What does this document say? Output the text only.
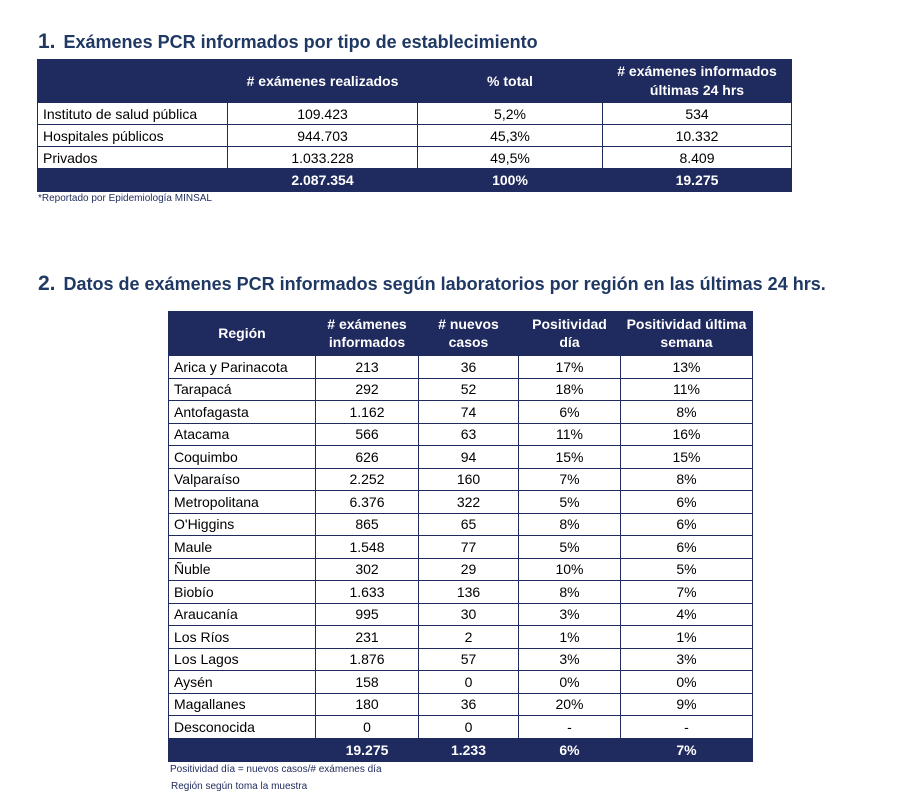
1. Exámenes PCR informados por tipo de establecimiento
	# exámenes realizados	% total	# exámenes informados últimas 24 hrs
Instituto de salud pública	109.423	5,2%	534
Hospitales públicos	944.703	45,3%	10.332
Privados	1.033.228	49,5%	8.409
	2.087.354	100%	19.275

*Reportado por Epidemiología MINSAL

2. Datos de exámenes PCR informados según laboratorios por región en las últimas 24 hrs.
Región	# exámenes informados	# nuevos casos	Positividad día	Positividad última semana
Arica y Parinacota	213	36	17%	13%
Tarapacá	292	52	18%	11%
Antofagasta	1.162	74	6%	8%
Atacama	566	63	11%	16%
Coquimbo	626	94	15%	15%
Valparaíso	2.252	160	7%	8%
Metropolitana	6.376	322	5%	6%
O'Higgins	865	65	8%	6%
Maule	1.548	77	5%	6%
Ñuble	302	29	10%	5%
Biobío	1.633	136	8%	7%
Araucanía	995	30	3%	4%
Los Ríos	231	2	1%	1%
Los Lagos	1.876	57	3%	3%
Aysén	158	0	0%	0%
Magallanes	180	36	20%	9%
Desconocida	0	0	-	-
	19.275	1.233	6%	7%

Positividad día = nuevos casos/# exámenes día

Región según toma la muestra
